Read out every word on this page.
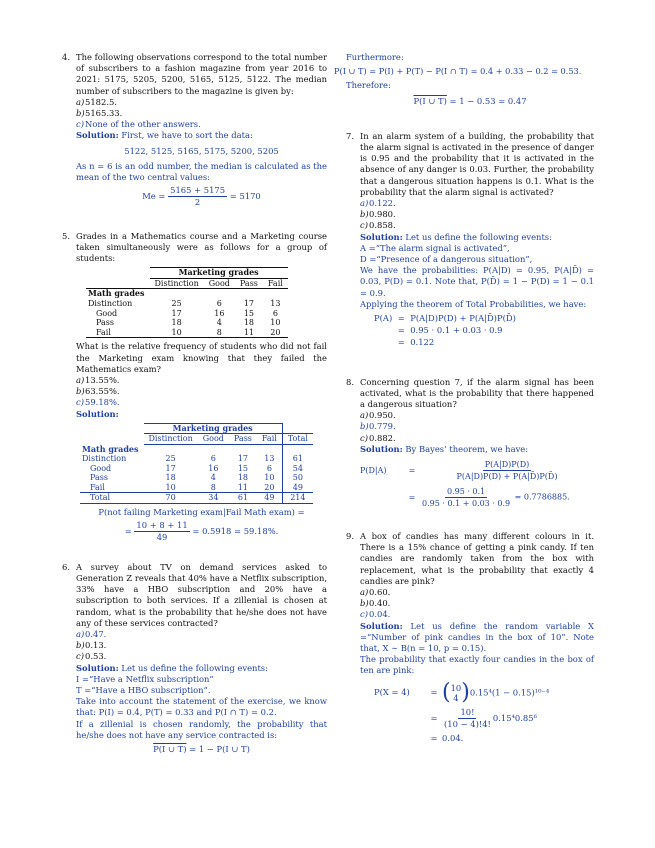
4. The following observations correspond to the total number of subscribers to a fashion magazine from year 2016 to 2021: 5175, 5205, 5200, 5165, 5125, 5122. The median number of subscribers to the magazine is given by:
a) 5182.5.
b) 5165.33.
c) None of the other answers.
Solution: First, we have to sort the data:
5122, 5125, 5165, 5175, 5200, 5205
As n = 6 is an odd number, the median is calculated as the mean of the two central values:
$Me = \frac{5165 + 5175}{2} = 5170$
5. Grades in a Mathematics course and a Marketing course taken simultaneously were as follows for a group of students:
	Marketing grades			
	Distinction	Good	Pass	Fail
Math grades				
Distinction	25	6	17	13
Good	17	16	15	6
Pass	18	4	18	10
Fail	10	8	11	20
What is the relative frequency of students who did not fail the Marketing exam knowing that they failed the Mathematics exam?
a) 13.55%.
b) 63.55%.
c) 59.18%.
Solution:
	Marketing grades				
	Distinction	Good	Pass	Fail	Total
Math grades					
Distinction	25	6	17	13	61
Good	17	16	15	6	54
Pass	18	4	18	10	50
Fail	10	8	11	20	49
Total	70	34	61	49	214
P(not failing Marketing exam|Fail Math exam) =
= $\frac{10 + 8 + 11}{49} = 0.5918 = 59.18\%$.
6. A survey about TV on demand services asked to Generation Z reveals that 40% have a Netflix subscription, 33% have a HBO subscription and 20% have a subscription to both services. If a zillenial is chosen at random, what is the probability that he/she does not have any of these services contracted?
a) 0.47.
b) 0.13.
c) 0.53.
Solution: Let us define the following events:
I =“Have a Netflix subscription”
T =“Have a HBO subscription”.
Take into account the statement of the exercise, we know that: P(I) = 0.4, P(T) = 0.33 and P(I ∩ T) = 0.2.
If a zillenial is chosen randomly, the probability that he/she does not have any service contracted is:
P(I ∪ T) = 1 − P(I ∪ T)
Furthermore:
P(I ∪ T) = P(I) + P(T) − P(I ∩ T) = 0.4 + 0.33 − 0.2 = 0.53.
Therefore:
P(I ∪ T) = 1 − 0.53 = 0.47
7. In an alarm system of a building, the probability that the alarm signal is activated in the presence of danger is 0.95 and the probability that it is activated in the absence of any danger is 0.03. Further, the probability that a dangerous situation happens is 0.1. What is the probability that the alarm signal is activated?
a) 0.122.
b) 0.980.
c) 0.858.
Solution: Let us define the following events:
A =“The alarm signal is activated”,
D =“Presence of a dangerous situation”,
We have the probabilities: P(A|D) = 0.95, P(A|D̄) = 0.03, P(D) = 0.1. Note that, P(D̄) = 1 − P(D) = 1 − 0.1 = 0.9.
Applying the theorem of Total Probabilities, we have:
P(A) = P(A|D)P(D) + P(A|D̄)P(D̄)
= 0.95 · 0.1 + 0.03 · 0.9
= 0.122
8. Concerning question 7, if the alarm signal has been activated, what is the probability that there happened a dangerous situation?
a) 0.950.
b) 0.779.
c) 0.882.
Solution: By Bayes’ theorem, we have:
P(D|A)	= $\frac{P(A|D)P(D)}{P(A|D)P(D) + P(A|D̄)P(D̄)}$
= $\frac{0.95 \cdot 0.1}{0.95 \cdot 0.1 + 0.03 \cdot 0.9} = 0.7786885$.
9. A box of candies has many different colours in it. There is a 15% chance of getting a pink candy. If ten candies are randomly taken from the box with replacement, what is the probability that exactly 4 candies are pink?
a) 0.60.
b) 0.40.
c) 0.04.
Solution: Let us define the random variable X =“Number of pink candies in the box of 10”. Note that, X ∼ B(n = 10, p = 0.15).
The probability that exactly four candies in the box of ten are pink:
P(X = 4)	= ( 10
4 ) 0.15⁴(1 − 0.15)¹⁰⁻⁴
= $\frac{10!}{(10 - 4)!4!} 0.15^40.85^6$
= 0.04.
